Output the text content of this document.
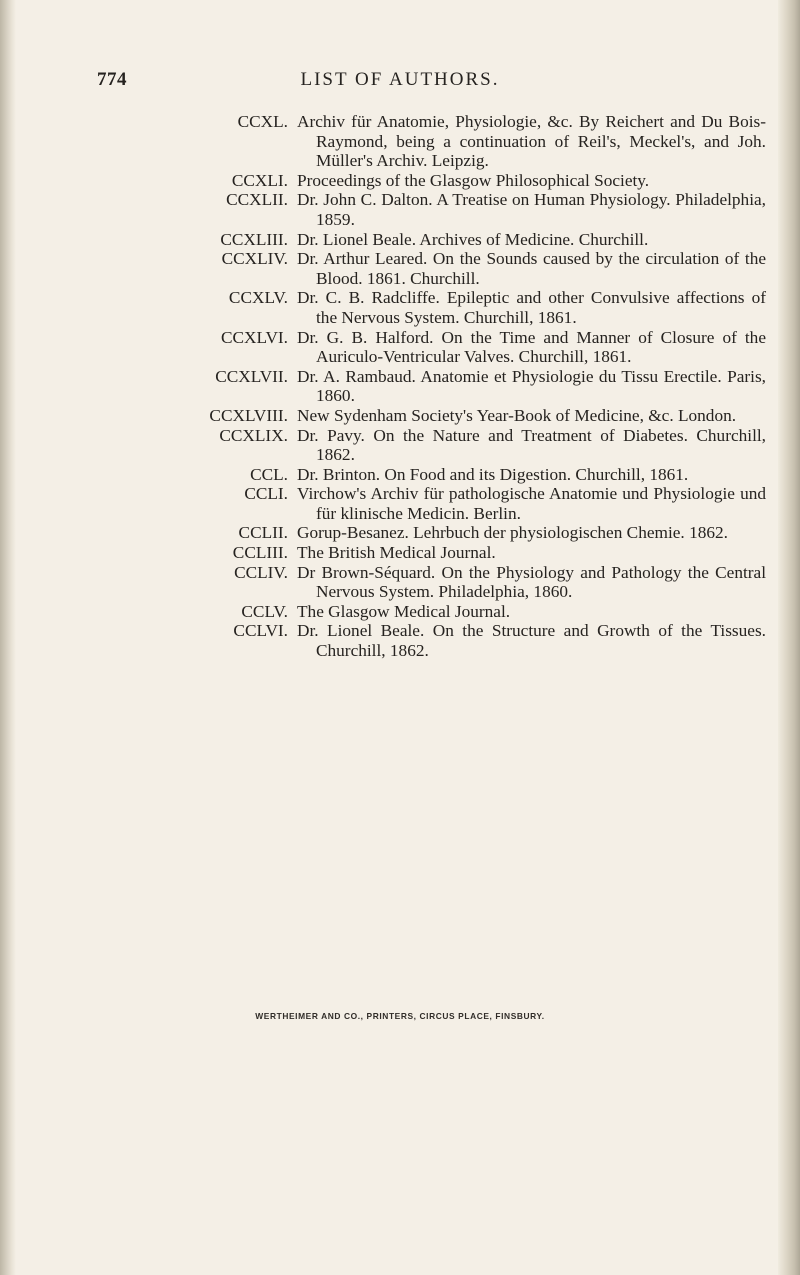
774	LIST OF AUTHORS.
CCXL. Archiv für Anatomie, Physiologie, &c. By Reichert and Du Bois-Raymond, being a continuation of Reil's, Meckel's, and Joh. Müller's Archiv. Leipzig.
CCXLI. Proceedings of the Glasgow Philosophical Society.
CCXLII. Dr. John C. Dalton. A Treatise on Human Physiology. Philadelphia, 1859.
CCXLIII. Dr. Lionel Beale. Archives of Medicine. Churchill.
CCXLIV. Dr. Arthur Leared. On the Sounds caused by the circulation of the Blood. 1861. Churchill.
CCXLV. Dr. C. B. Radcliffe. Epileptic and other Convulsive affections of the Nervous System. Churchill, 1861.
CCXLVI. Dr. G. B. Halford. On the Time and Manner of Closure of the Auriculo-Ventricular Valves. Churchill, 1861.
CCXLVII. Dr. A. Rambaud. Anatomie et Physiologie du Tissu Erectile. Paris, 1860.
CCXLVIII. New Sydenham Society's Year-Book of Medicine, &c. London.
CCXLIX. Dr. Pavy. On the Nature and Treatment of Diabetes. Churchill, 1862.
CCL. Dr. Brinton. On Food and its Digestion. Churchill, 1861.
CCLI. Virchow's Archiv für pathologische Anatomie und Physiologie und für klinische Medicin. Berlin.
CCLII. Gorup-Besanez. Lehrbuch der physiologischen Chemie. 1862.
CCLIII. The British Medical Journal.
CCLIV. Dr Brown-Séquard. On the Physiology and Pathology the Central Nervous System. Philadelphia, 1860.
CCLV. The Glasgow Medical Journal.
CCLVI. Dr. Lionel Beale. On the Structure and Growth of the Tissues. Churchill, 1862.
WERTHEIMER AND CO., PRINTERS, CIRCUS PLACE, FINSBURY.
